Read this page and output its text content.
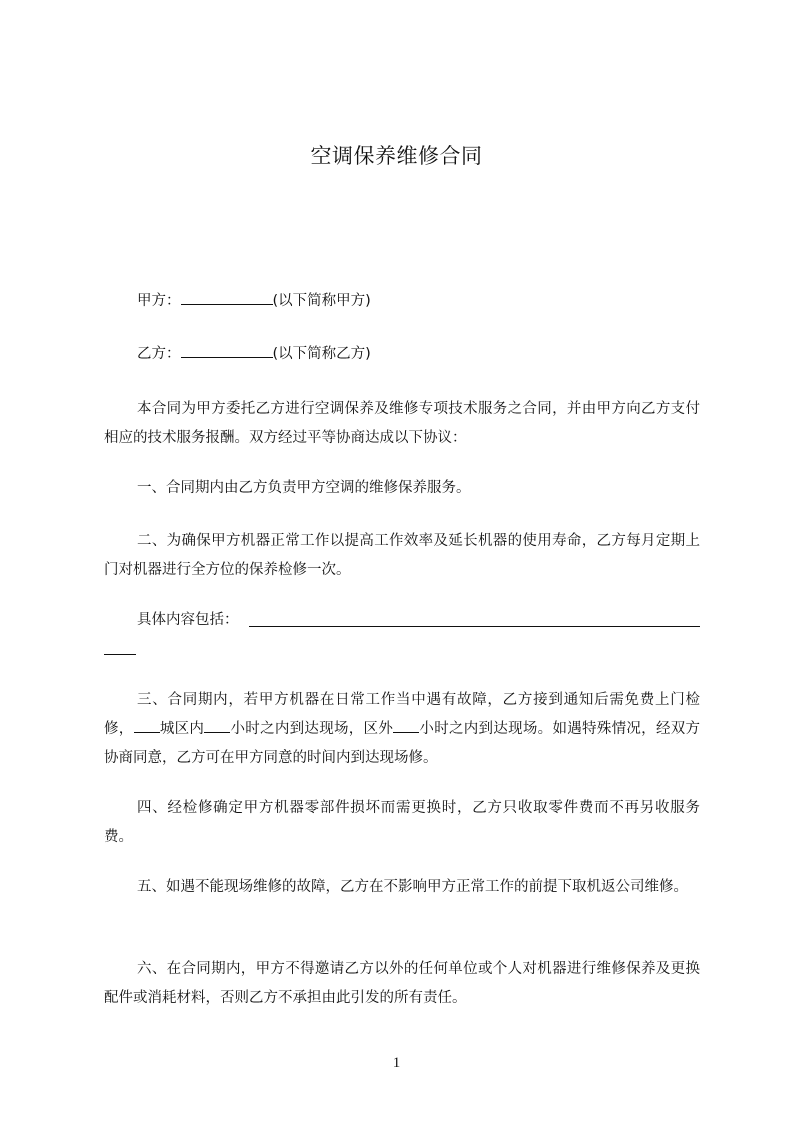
空调保养维修合同
甲方：	(以下简称甲方)
乙方：	(以下简称乙方)
本合同为甲方委托乙方进行空调保养及维修专项技术服务之合同，并由甲方向乙方支付相应的技术服务报酬。双方经过平等协商达成以下协议：
一、合同期内由乙方负责甲方空调的维修保养服务。
二、为确保甲方机器正常工作以提高工作效率及延长机器的使用寿命，乙方每月定期上门对机器进行全方位的保养检修一次。
具体内容包括：
三、合同期内，若甲方机器在日常工作当中遇有故障，乙方接到通知后需免费上门检修， 城区内 小时之内到达现场，区外 小时之内到达现场。如遇特殊情况，经双方协商同意，乙方可在甲方同意的时间内到达现场修。
四、经检修确定甲方机器零部件损坏而需更换时，乙方只收取零件费而不再另收服务费。
五、如遇不能现场维修的故障，乙方在不影响甲方正常工作的前提下取机返公司维修。
六、在合同期内，甲方不得邀请乙方以外的任何单位或个人对机器进行维修保养及更换配件或消耗材料，否则乙方不承担由此引发的所有责任。
1
